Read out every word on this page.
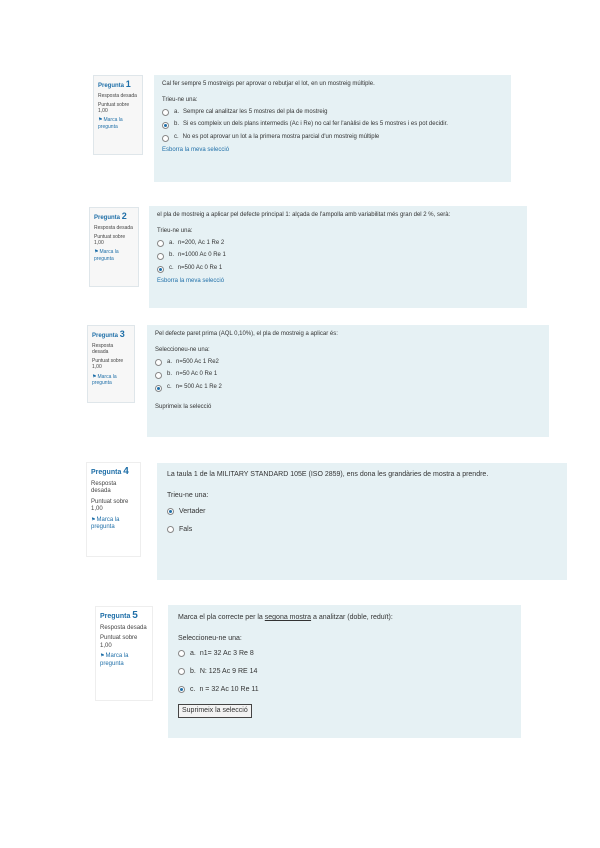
Pregunta 1
Resposta desada
Puntuat sobre 1,00
⚑Marca la pregunta
Cal fer sempre 5 mostreigs per aprovar o rebutjar el lot, en un mostreig múltiple.
Trieu-ne una:
a. Sempre cal analitzar les 5 mostres del pla de mostreig
b. Si es compleix un dels plans intermedis (Ac i Re) no cal fer l'anàlisi de les 5 mostres i es pot decidir.
c. No es pot aprovar un lot a la primera mostra parcial d'un mostreig múltiple
Esborra la meva selecció
Pregunta 2
Resposta desada
Puntuat sobre 1,00
⚑Marca la pregunta
el pla de mostreig a aplicar pel defecte principal 1: alçada de l'ampolla amb variabilitat més gran del 2 %, serà:
Trieu-ne una:
a. n=200, Ac 1 Re 2
b. n=1000 Ac 0 Re 1
c. n=500 Ac 0 Re 1
Esborra la meva selecció
Pregunta 3
Resposta desada
Puntuat sobre 1,00
⚑Marca la pregunta
Pel defecte paret prima (AQL 0,10%), el pla de mostreig a aplicar és:
Seleccioneu-ne una:
a. n=500 Ac 1 Re2
b. n=50 Ac 0 Re 1
c. n= 500 Ac 1 Re 2
Suprimeix la selecció
Pregunta 4
Resposta desada
Puntuat sobre 1,00
⚑Marca la pregunta
La taula 1 de la MILITARY STANDARD 105E (ISO 2859), ens dona les grandàries de mostra a prendre.
Trieu-ne una:
Vertader
Fals
Pregunta 5
Resposta desada
Puntuat sobre 1,00
⚑Marca la pregunta
Marca el pla correcte per la segona mostra a analitzar (doble, reduït):
Seleccioneu-ne una:
a. n1= 32 Ac 3 Re 8
b. N: 125 Ac 9 RE 14
c. n = 32 Ac 10 Re 11
Suprimeix la selecció
